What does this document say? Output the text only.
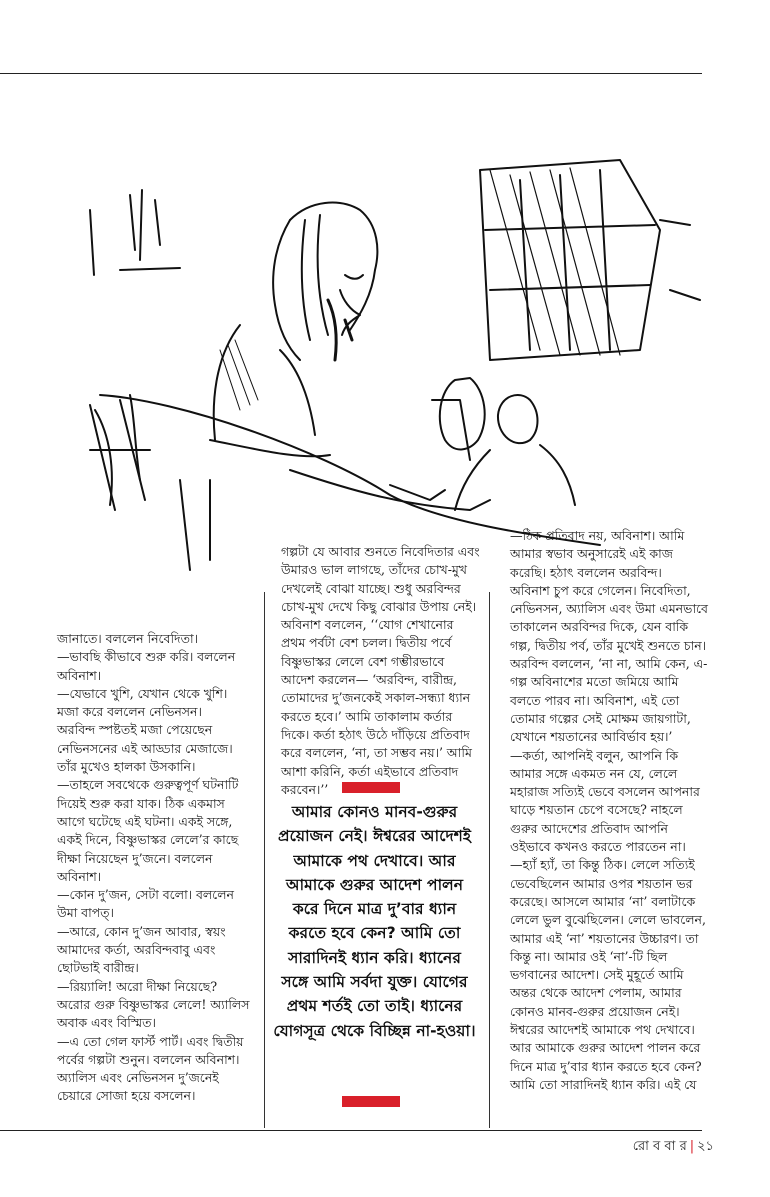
জানাতে। বললেন নিবেদিতা।
—ভাবছি কীভাবে শুরু করি। বললেন অবিনাশ।
—যেভাবে খুশি, যেখান থেকে খুশি। মজা করে বললেন নেভিনসন।
অরবিন্দ স্পষ্টতই মজা পেয়েছেন নেভিনসনের এই আড্ডার মেজাজে। তাঁর মুখেও হালকা উসকানি।
—তাহলে সবথেকে গুরুত্বপূর্ণ ঘটনাটি দিয়েই শুরু করা যাক। ঠিক একমাস আগে ঘটেছে এই ঘটনা। একই সঙ্গে, একই দিনে, বিষ্ণুভাস্কর লেলে’র কাছে দীক্ষা নিয়েছেন দু’জনে। বললেন অবিনাশ।
—কোন দু’জন, সেটা বলো। বললেন উমা বাপত্।
—আরে, কোন দু’জন আবার, স্বয়ং আমাদের কর্তা, অরবিন্দবাবু এবং ছোটভাই বারীন্দ্র।
—রিয়্যালি! অরো দীক্ষা নিয়েছে? অরোর গুরু বিষ্ণুভাস্কর লেলে! অ্যালিস অবাক এবং বিস্মিত।
—এ তো গেল ফার্স্ট পার্ট। এবং দ্বিতীয় পর্বের গল্পটা শুনুন। বললেন অবিনাশ।
অ্যালিস এবং নেভিনসন দু’জনেই চেয়ারে সোজা হয়ে বসলেন।
গল্পটা যে আবার শুনতে নিবেদিতার এবং উমারও ভাল লাগছে, তাঁদের চোখ-মুখ দেখলেই বোঝা যাচ্ছে। শুধু অরবিন্দর চোখ-মুখ দেখে কিছু বোঝার উপায় নেই।
অবিনাশ বললেন, ‘‘যোগ শেখানোর প্রথম পর্বটা বেশ চলল। দ্বিতীয় পর্বে বিষ্ণুভাস্কর লেলে বেশ গম্ভীরভাবে আদেশ করলেন— ‘অরবিন্দ, বারীন্দ্র, তোমাদের দু’জনকেই সকাল-সন্ধ্যা ধ্যান করতে হবে।’ আমি তাকালাম কর্তার দিকে। কর্তা হঠাৎ উঠে দাঁড়িয়ে প্রতিবাদ করে বললেন, ‘না, তা সম্ভব নয়।’ আমি আশা করিনি, কর্তা এইভাবে প্রতিবাদ করবেন।’’
—ঠিক প্রতিবাদ নয়, অবিনাশ। আমি আমার স্বভাব অনুসারেই এই কাজ করেছি। হঠাৎ বললেন অরবিন্দ।
অবিনাশ চুপ করে গেলেন। নিবেদিতা, নেভিনসন, অ্যালিস এবং উমা এমনভাবে তাকালেন অরবিন্দর দিকে, যেন বাকি গল্প, দ্বিতীয় পর্ব, তাঁর মুখেই শুনতে চান।
অরবিন্দ বললেন, ‘না না, আমি কেন, এ-গল্প অবিনাশের মতো জমিয়ে আমি বলতে পারব না। অবিনাশ, এই তো তোমার গল্পের সেই মোক্ষম জায়গাটা, যেখানে শয়তানের আবির্ভাব হয়।’
—কর্তা, আপনিই বলুন, আপনি কি আমার সঙ্গে একমত নন যে, লেলে মহারাজ সত্যিই ভেবে বসলেন আপনার ঘাড়ে শয়তান চেপে বসেছে? নাহলে গুরুর আদেশের প্রতিবাদ আপনি ওইভাবে কখনও করতে পারতেন না।
—হ্যাঁ হ্যাঁ, তা কিন্তু ঠিক। লেলে সত্যিই ভেবেছিলেন আমার ওপর শয়তান ভর করেছে। আসলে আমার ‘না’ বলাটাকে লেলে ভুল বুঝেছিলেন। লেলে ভাবলেন, আমার এই ‘না’ শয়তানের উচ্চারণ। তা কিন্তু না। আমার ওই ‘না’-টি ছিল ভগবানের আদেশ। সেই মুহূর্তে আমি অন্তর থেকে আদেশ পেলাম, আমার কোনও মানব-গুরুর প্রয়োজন নেই। ঈশ্বরের আদেশই আমাকে পথ দেখাবে। আর আমাকে গুরুর আদেশ পালন করে দিনে মাত্র দু’বার ধ্যান করতে হবে কেন? আমি তো সারাদিনই ধ্যান করি। এই যে
আমার কোনও মানব-গুরুর প্রয়োজন নেই। ঈশ্বরের আদেশই আমাকে পথ দেখাবে। আর আমাকে গুরুর আদেশ পালন করে দিনে মাত্র দু’বার ধ্যান করতে হবে কেন? আমি তো সারাদিনই ধ্যান করি। ধ্যানের সঙ্গে আমি সর্বদা যুক্ত। যোগের প্রথম শর্তই তো তাই। ধ্যানের যোগসূত্র থেকে বিচ্ছিন্ন না-হওয়া।
রো ব বা র | ২১
